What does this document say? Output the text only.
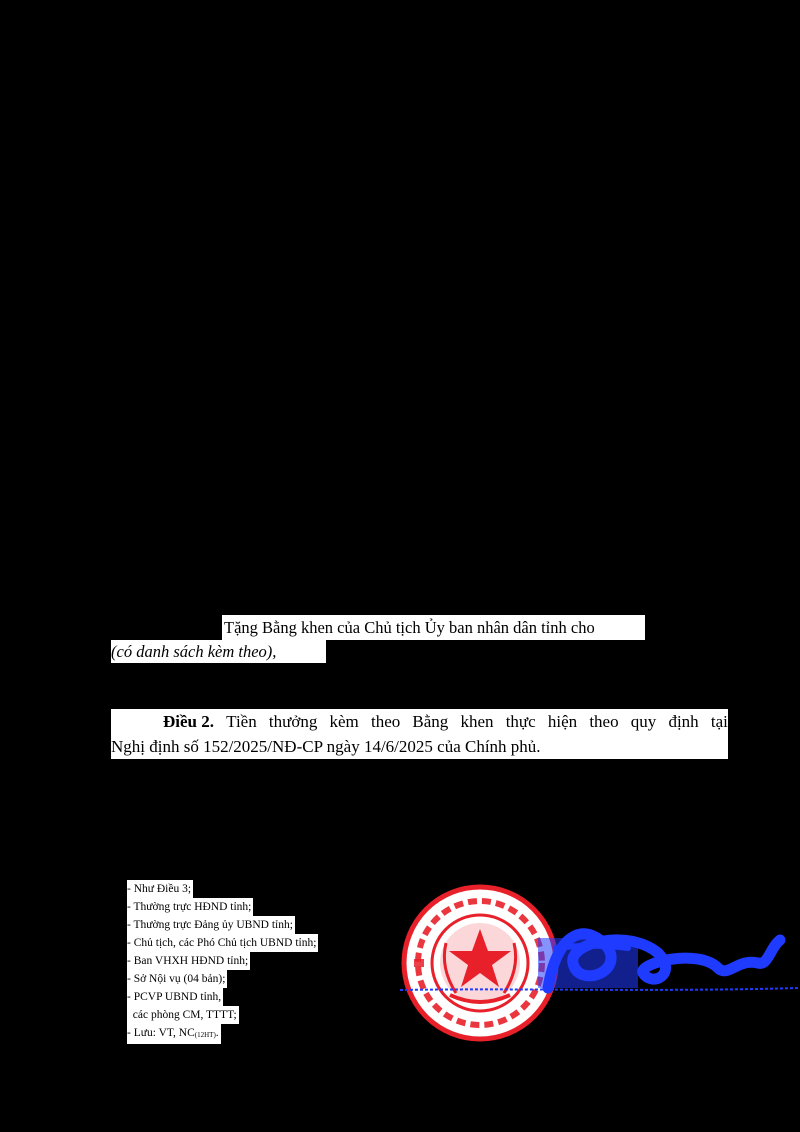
Tặng Bằng khen của Chủ tịch Ủy ban nhân dân tỉnh cho
(có danh sách kèm theo),
Điều 2. Tiền thưởng kèm theo Bằng khen thực hiện theo quy định tại
Nghị định số 152/2025/NĐ-CP ngày 14/6/2025 của Chính phủ.
- Như Điều 3;
- Thường trực HĐND tỉnh;
- Thường trực Đảng ủy UBND tỉnh;
- Chủ tịch, các Phó Chủ tịch UBND tỉnh;
- Ban VHXH HĐND tỉnh;
- Sở Nội vụ (04 bản);
- PCVP UBND tỉnh,
các phòng CM, TTTT;
- Lưu: VT, $NC_{(12HT)}$.
